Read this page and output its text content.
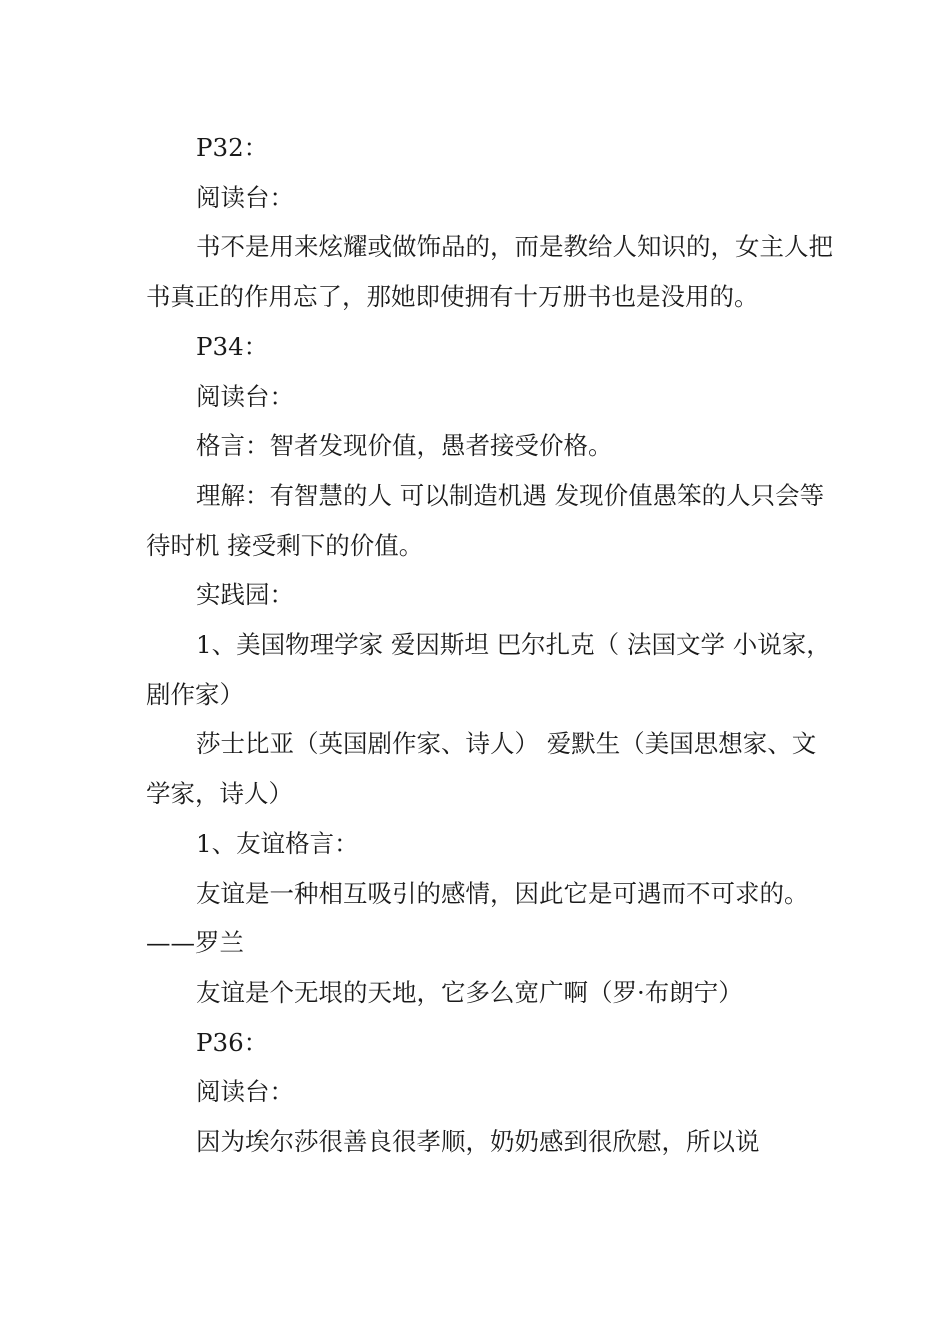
P32：

阅读台：

书不是用来炫耀或做饰品的，而是教给人知识的，女主人把书真正的作用忘了，那她即使拥有十万册书也是没用的。

P34：

阅读台：

格言：智者发现价值，愚者接受价格。

理解：有智慧的人 可以制造机遇 发现价值愚笨的人只会等待时机 接受剩下的价值。

实践园：

1、美国物理学家 爱因斯坦 巴尔扎克（ 法国文学 小说家，剧作家）

莎士比亚（英国剧作家、诗人） 爱默生（美国思想家、文学家，诗人）

1、友谊格言：

友谊是一种相互吸引的感情，因此它是可遇而不可求的。 ——罗兰

友谊是个无垠的天地，它多么宽广啊（罗·布朗宁）

P36：

阅读台：

因为埃尔莎很善良很孝顺，奶奶感到很欣慰，所以说
